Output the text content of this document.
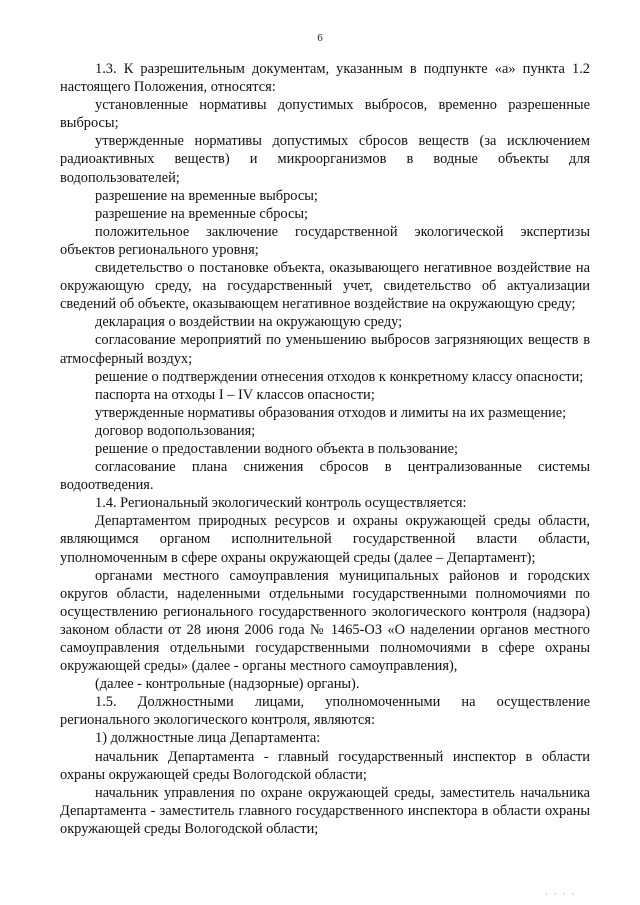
6

1.3. К разрешительным документам, указанным в подпункте «а» пункта 1.2 настоящего Положения, относятся:

установленные нормативы допустимых выбросов, временно разрешенные выбросы;

утвержденные нормативы допустимых сбросов веществ (за исключением радиоактивных веществ) и микроорганизмов в водные объекты для водопользователей;

разрешение на временные выбросы;

разрешение на временные сбросы;

положительное заключение государственной экологической экспертизы объектов регионального уровня;

свидетельство о постановке объекта, оказывающего негативное воздействие на окружающую среду, на государственный учет, свидетельство об актуализации сведений об объекте, оказывающем негативное воздействие на окружающую среду;

декларация о воздействии на окружающую среду;

согласование мероприятий по уменьшению выбросов загрязняющих веществ в атмосферный воздух;

решение о подтверждении отнесения отходов к конкретному классу опасности;

паспорта на отходы I – IV классов опасности;

утвержденные нормативы образования отходов и лимиты на их размещение;

договор водопользования;

решение о предоставлении водного объекта в пользование;

согласование плана снижения сбросов в централизованные системы водоотведения.

1.4. Региональный экологический контроль осуществляется:

Департаментом природных ресурсов и охраны окружающей среды области, являющимся органом исполнительной государственной власти области, уполномоченным в сфере охраны окружающей среды (далее – Департамент);

органами местного самоуправления муниципальных районов и городских округов области, наделенными отдельными государственными полномочиями по осуществлению регионального государственного экологического контроля (надзора) законом области от 28 июня 2006 года № 1465-ОЗ «О наделении органов местного самоуправления отдельными государственными полномочиями в сфере охраны окружающей среды» (далее - органы местного самоуправления),

(далее - контрольные (надзорные) органы).

1.5. Должностными лицами, уполномоченными на осуществление регионального экологического контроля, являются:

1) должностные лица Департамента:

начальник Департамента - главный государственный инспектор в области охраны окружающей среды Вологодской области;

начальник управления по охране окружающей среды, заместитель начальника Департамента - заместитель главного государственного инспектора в области охраны окружающей среды Вологодской области;

· · · ·
